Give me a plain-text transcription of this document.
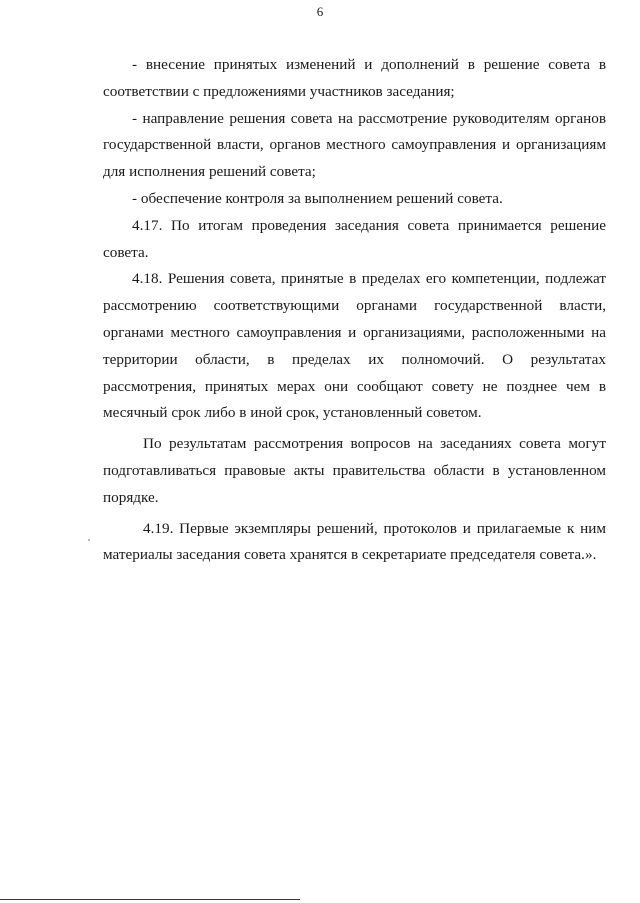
6

- внесение принятых изменений и дополнений в решение совета в соответствии с предложениями участников заседания;

- направление решения совета на рассмотрение руководителям органов государственной власти, органов местного самоуправления и организациям для исполнения решений совета;

- обеспечение контроля за выполнением решений совета.

4.17. По итогам проведения заседания совета принимается решение совета.

4.18. Решения совета, принятые в пределах его компетенции, подлежат рассмотрению соответствующими органами государственной власти, органами местного самоуправления и организациями, расположенными на территории области, в пределах их полномочий. О результатах рассмотрения, принятых мерах они сообщают совету не позднее чем в месячный срок либо в иной срок, установленный советом.

По результатам рассмотрения вопросов на заседаниях совета могут подготавливаться правовые акты правительства области в установленном порядке.

4.19. Первые экземпляры решений, протоколов и прилагаемые к ним материалы заседания совета хранятся в секретариате председателя совета.».
